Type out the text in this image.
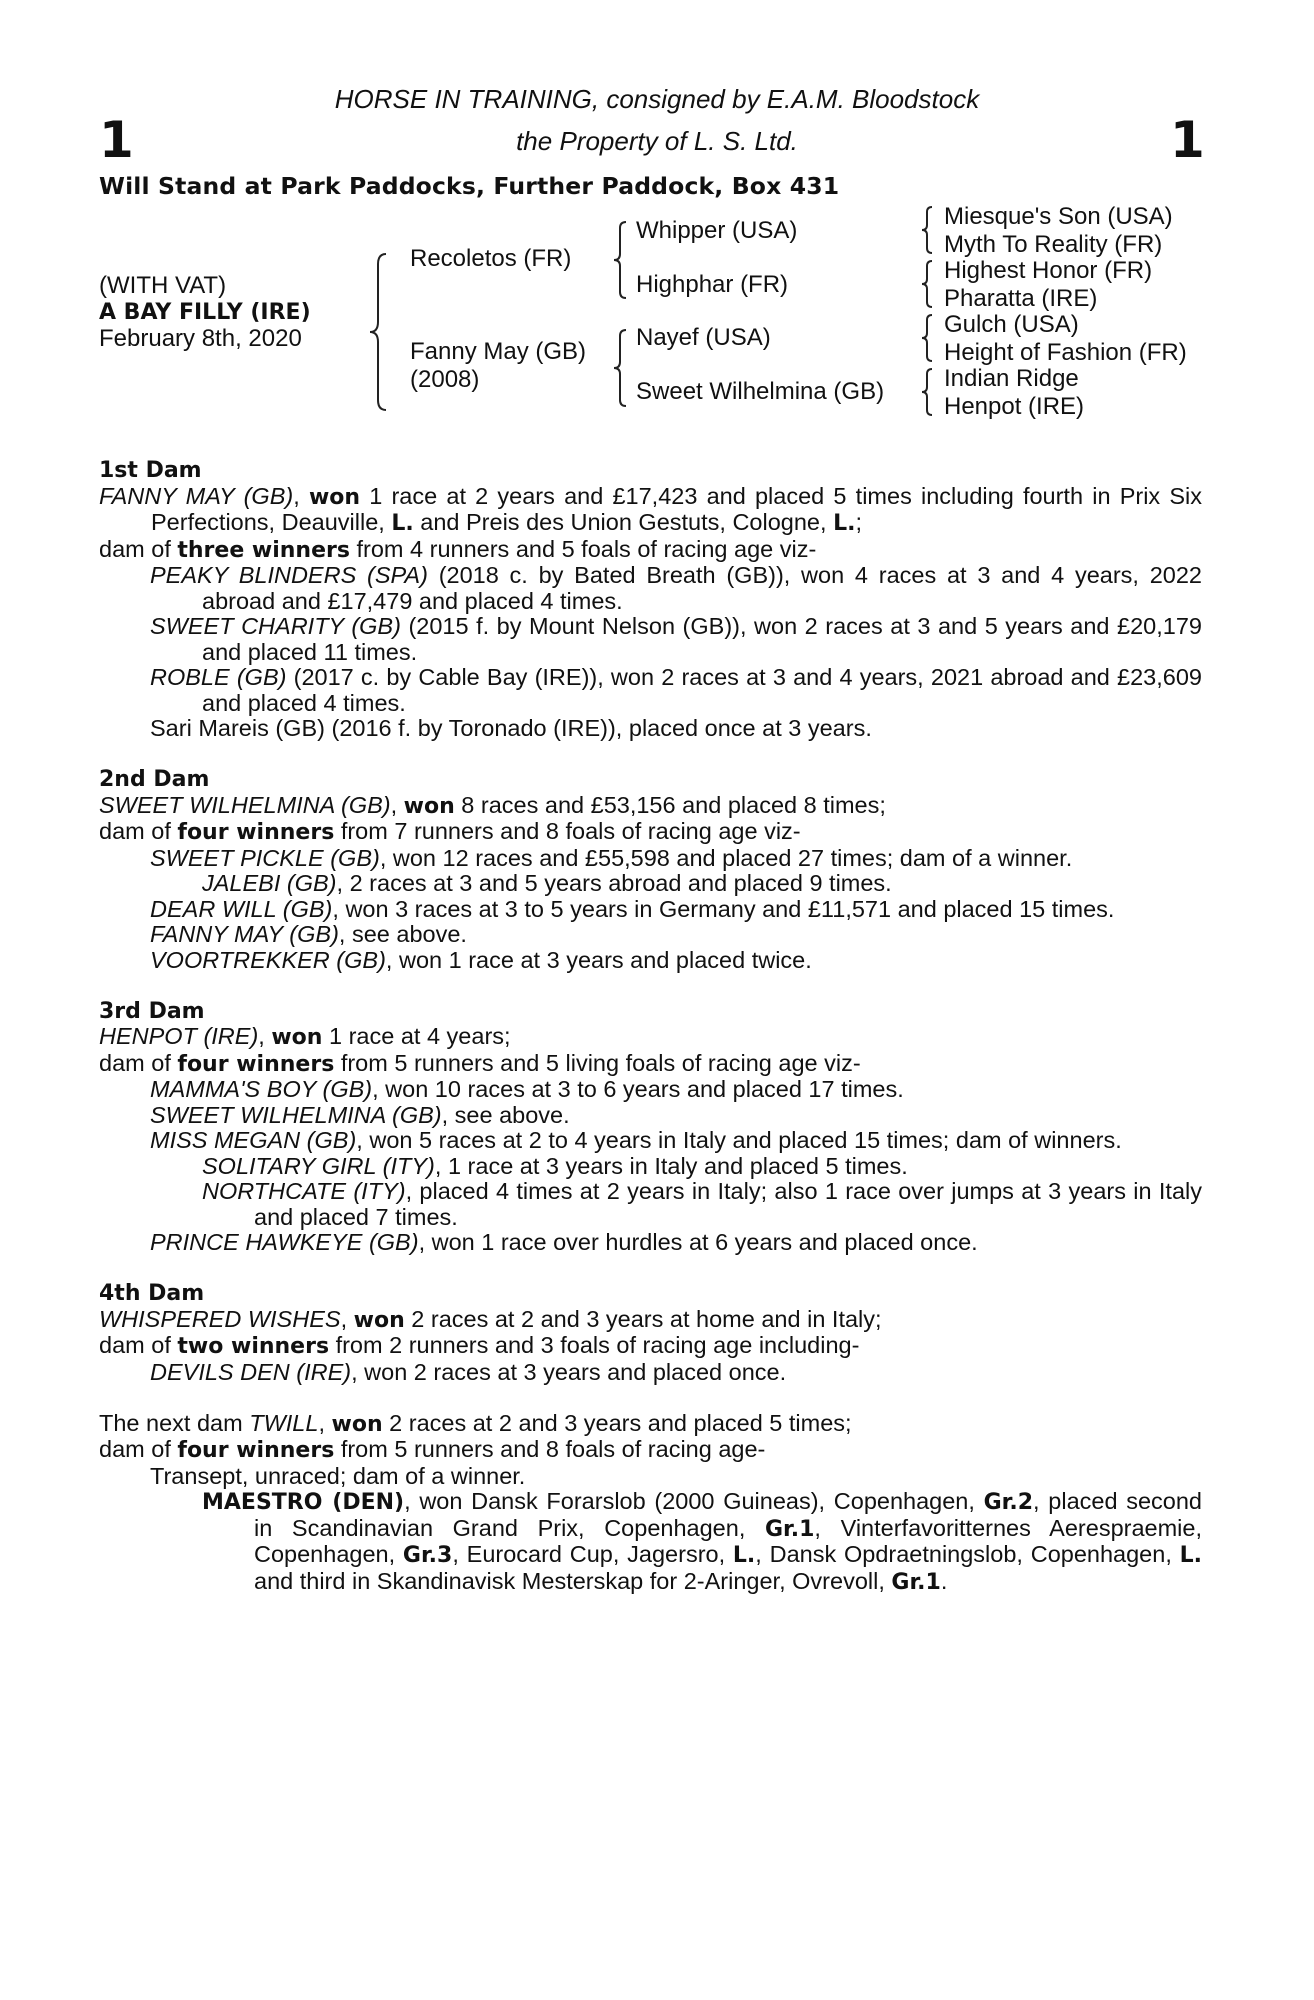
1	1
HORSE IN TRAINING, consigned by E.A.M. Bloodstock
the Property of L. S. Ltd.
Will Stand at Park Paddocks, Further Paddock, Box 431
(WITH VAT)
A BAY FILLY (IRE)
February 8th, 2020
Recoletos (FR)
Fanny May (GB)
(2008)
Whipper (USA)
Highphar (FR)
Nayef (USA)
Sweet Wilhelmina (GB)
Miesque's Son (USA)
Myth To Reality (FR)
Highest Honor (FR)
Pharatta (IRE)
Gulch (USA)
Height of Fashion (FR)
Indian Ridge
Henpot (IRE)

1st Dam

FANNY MAY (GB), won 1 race at 2 years and £17,423 and placed 5 times including fourth in Prix Six Perfections, Deauville, L. and Preis des Union Gestuts, Cologne, L.;

dam of three winners from 4 runners and 5 foals of racing age viz-

PEAKY BLINDERS (SPA) (2018 c. by Bated Breath (GB)), won 4 races at 3 and 4 years, 2022 abroad and £17,479 and placed 4 times.

SWEET CHARITY (GB) (2015 f. by Mount Nelson (GB)), won 2 races at 3 and 5 years and £20,179 and placed 11 times.

ROBLE (GB) (2017 c. by Cable Bay (IRE)), won 2 races at 3 and 4 years, 2021 abroad and £23,609 and placed 4 times.

Sari Mareis (GB) (2016 f. by Toronado (IRE)), placed once at 3 years.

2nd Dam

SWEET WILHELMINA (GB), won 8 races and £53,156 and placed 8 times;

dam of four winners from 7 runners and 8 foals of racing age viz-

SWEET PICKLE (GB), won 12 races and £55,598 and placed 27 times; dam of a winner.

JALEBI (GB), 2 races at 3 and 5 years abroad and placed 9 times.

DEAR WILL (GB), won 3 races at 3 to 5 years in Germany and £11,571 and placed 15 times.

FANNY MAY (GB), see above.

VOORTREKKER (GB), won 1 race at 3 years and placed twice.

3rd Dam

HENPOT (IRE), won 1 race at 4 years;

dam of four winners from 5 runners and 5 living foals of racing age viz-

MAMMA'S BOY (GB), won 10 races at 3 to 6 years and placed 17 times.

SWEET WILHELMINA (GB), see above.

MISS MEGAN (GB), won 5 races at 2 to 4 years in Italy and placed 15 times; dam of winners.

SOLITARY GIRL (ITY), 1 race at 3 years in Italy and placed 5 times.

NORTHCATE (ITY), placed 4 times at 2 years in Italy; also 1 race over jumps at 3 years in Italy and placed 7 times.

PRINCE HAWKEYE (GB), won 1 race over hurdles at 6 years and placed once.

4th Dam

WHISPERED WISHES, won 2 races at 2 and 3 years at home and in Italy;

dam of two winners from 2 runners and 3 foals of racing age including-

DEVILS DEN (IRE), won 2 races at 3 years and placed once.

The next dam TWILL, won 2 races at 2 and 3 years and placed 5 times;

dam of four winners from 5 runners and 8 foals of racing age-

Transept, unraced; dam of a winner.

MAESTRO (DEN), won Dansk Forarslob (2000 Guineas), Copenhagen, Gr.2, placed second in Scandinavian Grand Prix, Copenhagen, Gr.1, Vinterfavoritternes Aerespraemie, Copenhagen, Gr.3, Eurocard Cup, Jagersro, L., Dansk Opdraetningslob, Copenhagen, L. and third in Skandinavisk Mesterskap for 2-Aringer, Ovrevoll, Gr.1.
